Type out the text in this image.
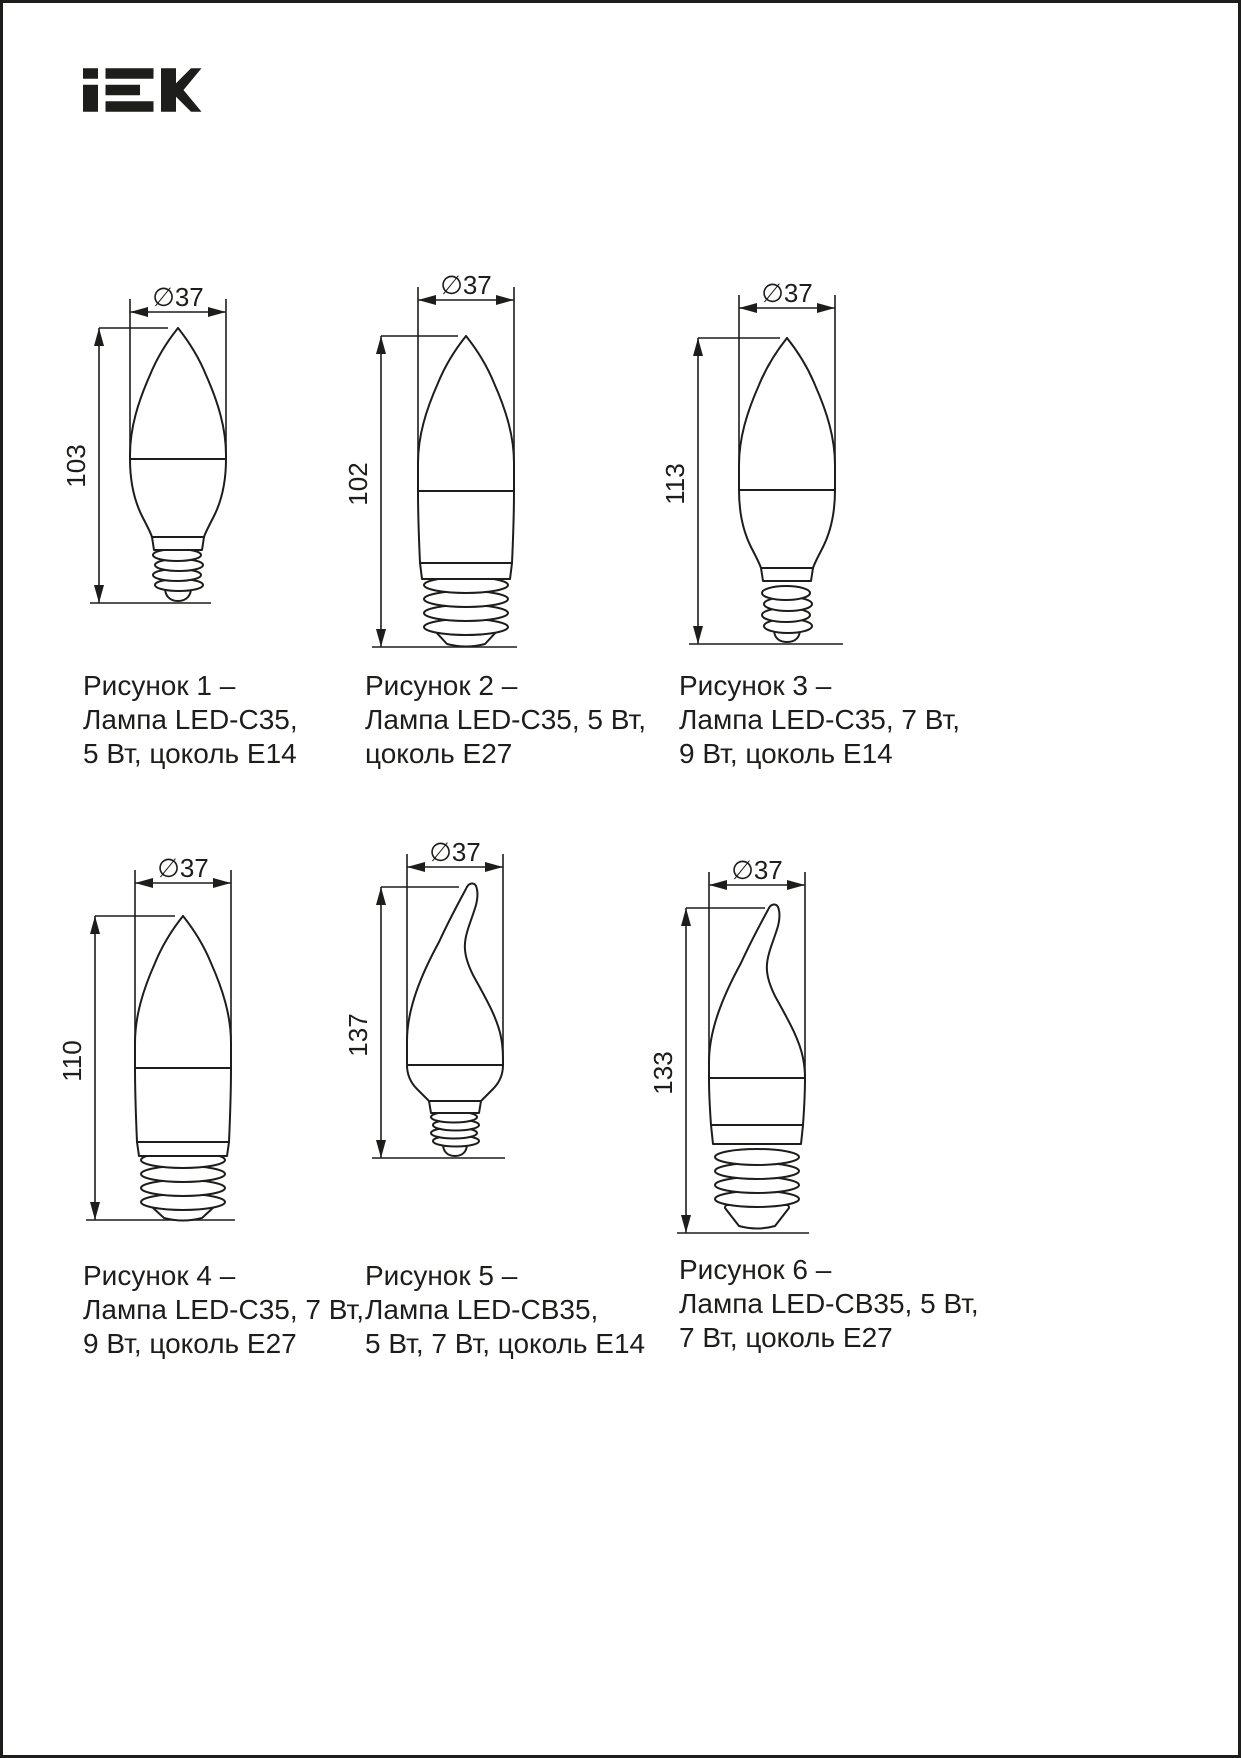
∅37
103
∅37
102
∅37
113
∅37
110
∅37
137
∅37
133
Рисунок 1 –
Лампа LED-C35,
5 Вт, цоколь Е14
Рисунок 2 –
Лампа LED-C35, 5 Вт,
цоколь Е27
Рисунок 3 –
Лампа LED-C35, 7 Вт,
9 Вт, цоколь Е14
Рисунок 4 –
Лампа LED-C35, 7 Вт,
9 Вт, цоколь Е27
Рисунок 5 –
Лампа LED-CB35,
5 Вт, 7 Вт, цоколь Е14
Рисунок 6 –
Лампа LED-CB35, 5 Вт,
7 Вт, цоколь Е27
